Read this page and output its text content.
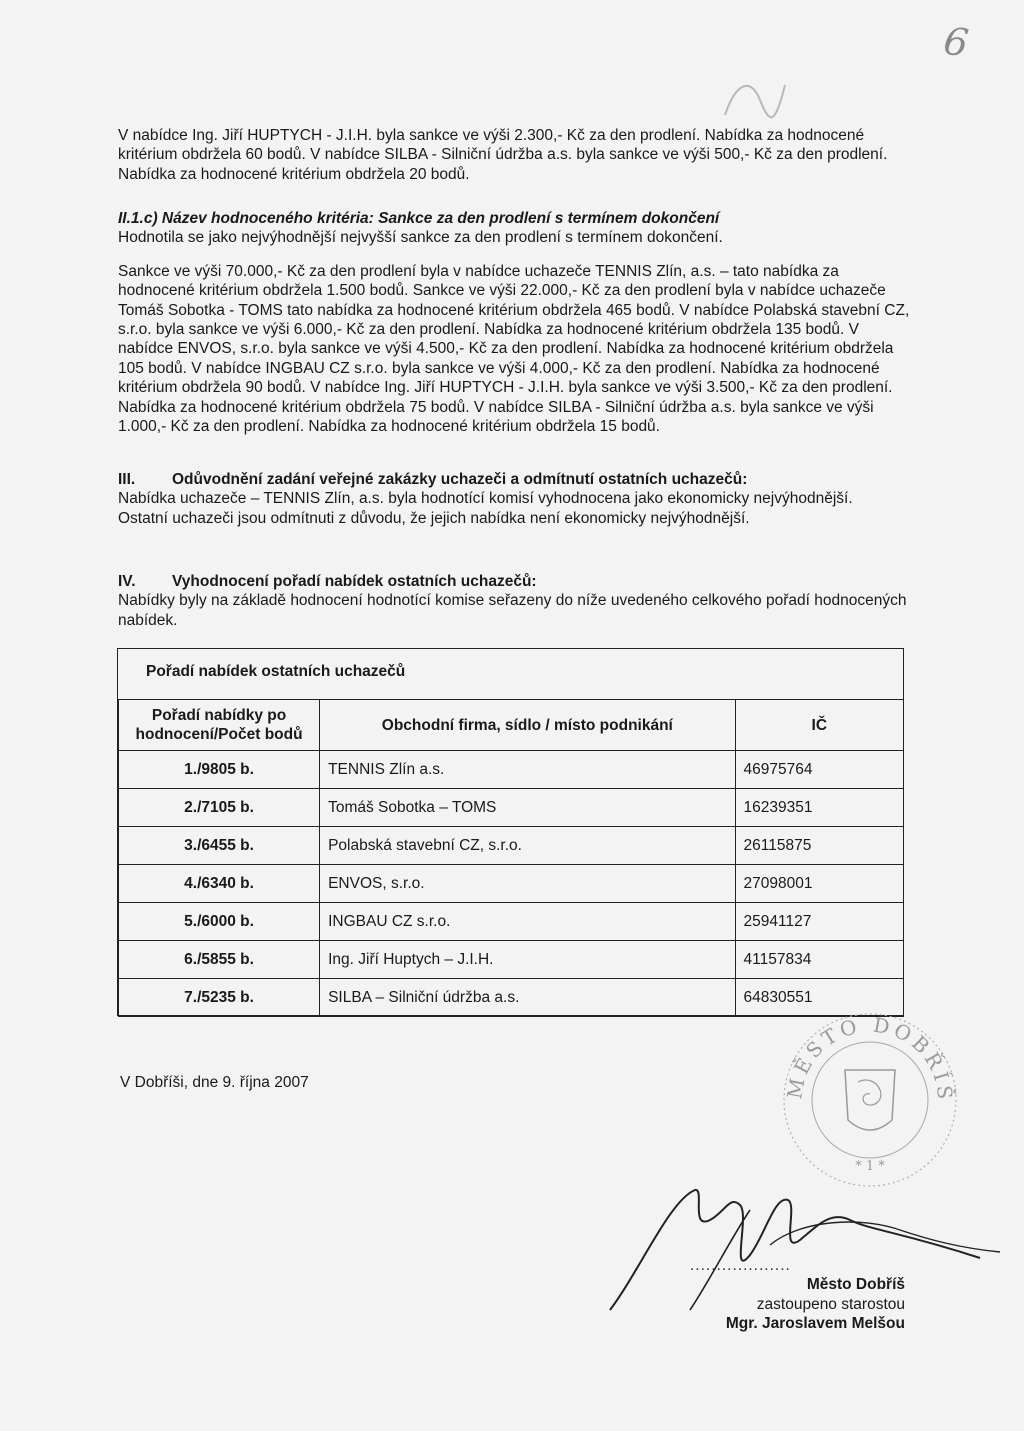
6

V nabídce Ing. Jiří HUPTYCH - J.I.H. byla sankce ve výši 2.300,- Kč za den prodlení. Nabídka za hodnocené kritérium obdržela 60 bodů. V nabídce SILBA - Silniční údržba a.s. byla sankce ve výši 500,- Kč za den prodlení. Nabídka za hodnocené kritérium obdržela 20 bodů.

II.1.c) Název hodnoceného kritéria: Sankce za den prodlení s termínem dokončení

Hodnotila se jako nejvýhodnější nejvyšší sankce za den prodlení s termínem dokončení.

Sankce ve výši 70.000,- Kč za den prodlení byla v nabídce uchazeče TENNIS Zlín, a.s. – tato nabídka za hodnocené kritérium obdržela 1.500 bodů. Sankce ve výši 22.000,- Kč za den prodlení byla v nabídce uchazeče Tomáš Sobotka - TOMS tato nabídka za hodnocené kritérium obdržela 465 bodů. V nabídce Polabská stavební CZ, s.r.o. byla sankce ve výši 6.000,- Kč za den prodlení. Nabídka za hodnocené kritérium obdržela 135 bodů. V nabídce ENVOS, s.r.o. byla sankce ve výši 4.500,- Kč za den prodlení. Nabídka za hodnocené kritérium obdržela 105 bodů. V nabídce INGBAU CZ s.r.o. byla sankce ve výši 4.000,- Kč za den prodlení. Nabídka za hodnocené kritérium obdržela 90 bodů. V nabídce Ing. Jiří HUPTYCH - J.I.H. byla sankce ve výši 3.500,- Kč za den prodlení. Nabídka za hodnocené kritérium obdržela 75 bodů. V nabídce SILBA - Silniční údržba a.s. byla sankce ve výši 1.000,- Kč za den prodlení. Nabídka za hodnocené kritérium obdržela 15 bodů.

III. Odůvodnění zadání veřejné zakázky uchazeči a odmítnutí ostatních uchazečů:

Nabídka uchazeče – TENNIS Zlín, a.s. byla hodnotící komisí vyhodnocena jako ekonomicky nejvýhodnější.

Ostatní uchazeči jsou odmítnuti z důvodu, že jejich nabídka není ekonomicky nejvýhodnější.

IV. Vyhodnocení pořadí nabídek ostatních uchazečů:

Nabídky byly na základě hodnocení hodnotící komise seřazeny do níže uvedeného celkového pořadí hodnocených nabídek.

Pořadí nabídek ostatních uchazečů
Pořadí nabídky po hodnocení/Počet bodů	Obchodní firma, sídlo / místo podnikání	IČ
1./9805 b.	TENNIS Zlín a.s.	46975764
2./7105 b.	Tomáš Sobotka – TOMS	16239351
3./6455 b.	Polabská stavební CZ, s.r.o.	26115875
4./6340 b.	ENVOS, s.r.o.	27098001
5./6000 b.	INGBAU CZ s.r.o.	25941127
6./5855 b.	Ing. Jiří Huptych – J.I.H.	41157834
7./5235 b.	SILBA – Silniční údržba a.s.	64830551
V Dobříši, dne 9. října 2007	MĚSTO DOBŘÍŠ
* 1 *
...................
Město Dobříš
zastoupeno starostou
Mgr. Jaroslavem Melšou
